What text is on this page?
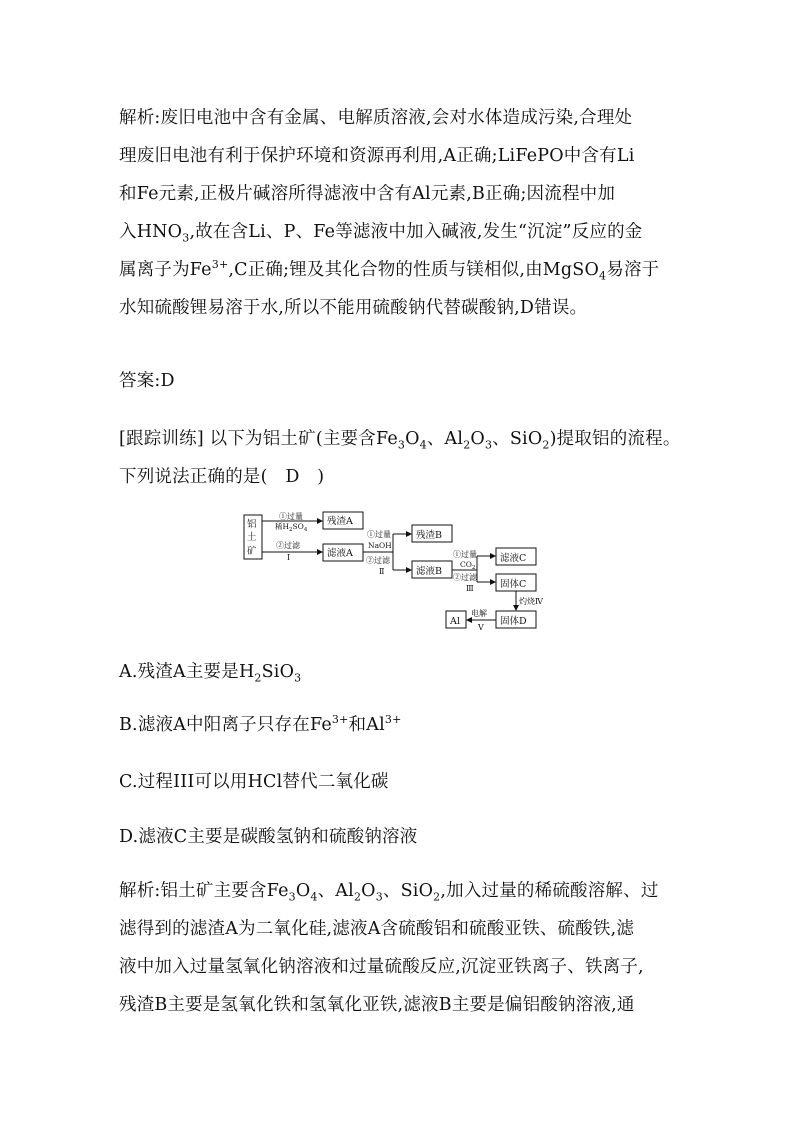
解析:废旧电池中含有金属、电解质溶液,会对水体造成污染,合理处
理废旧电池有利于保护环境和资源再利用,A正确;LiFePO中含有Li
和Fe元素,正极片碱溶所得滤液中含有Al元素,B正确;因流程中加
入$HNO_3$,故在含Li、P、Fe等滤液中加入碱液,发生“沉淀”反应的金
属离子为$Fe^{3+},C$正确;锂及其化合物的性质与镁相似,由MgSO$_4$易溶于
水知硫酸锂易溶于水,所以不能用硫酸钠代替碳酸钠,D错误。

答案:D

[跟踪训练] 以下为铝土矿(主要含$Fe_3O_4$、$Al_2O_3$、SiO$_2$)提取铝的流程。
下列说法正确的是(　D　)

铝
土
矿
①过量
稀$H_2SO_4$
②过滤
Ⅰ
残渣A
滤液A
①过量
NaOH
②过滤
Ⅱ
残渣B
滤液B
①过量
$CO_2$
②过滤
Ⅲ
滤液C
固体C
灼烧Ⅳ
固体D
电解
Ⅴ
Al

A.残渣A主要是$H_2SiO_3$

B.滤液A中阳离子只存在$Fe^{3+}$和$Al^{3+}$

C.过程III可以用HCl替代二氧化碳

D.滤液C主要是碳酸氢钠和硫酸钠溶液

解析:铝土矿主要含$Fe_3O_4$、$Al_2O_3$、SiO$_2$,加入过量的稀硫酸溶解、过
滤得到的滤渣A为二氧化硅,滤液A含硫酸铝和硫酸亚铁、硫酸铁,滤
液中加入过量氢氧化钠溶液和过量硫酸反应,沉淀亚铁离子、铁离子,
残渣B主要是氢氧化铁和氢氧化亚铁,滤液B主要是偏铝酸钠溶液,通
